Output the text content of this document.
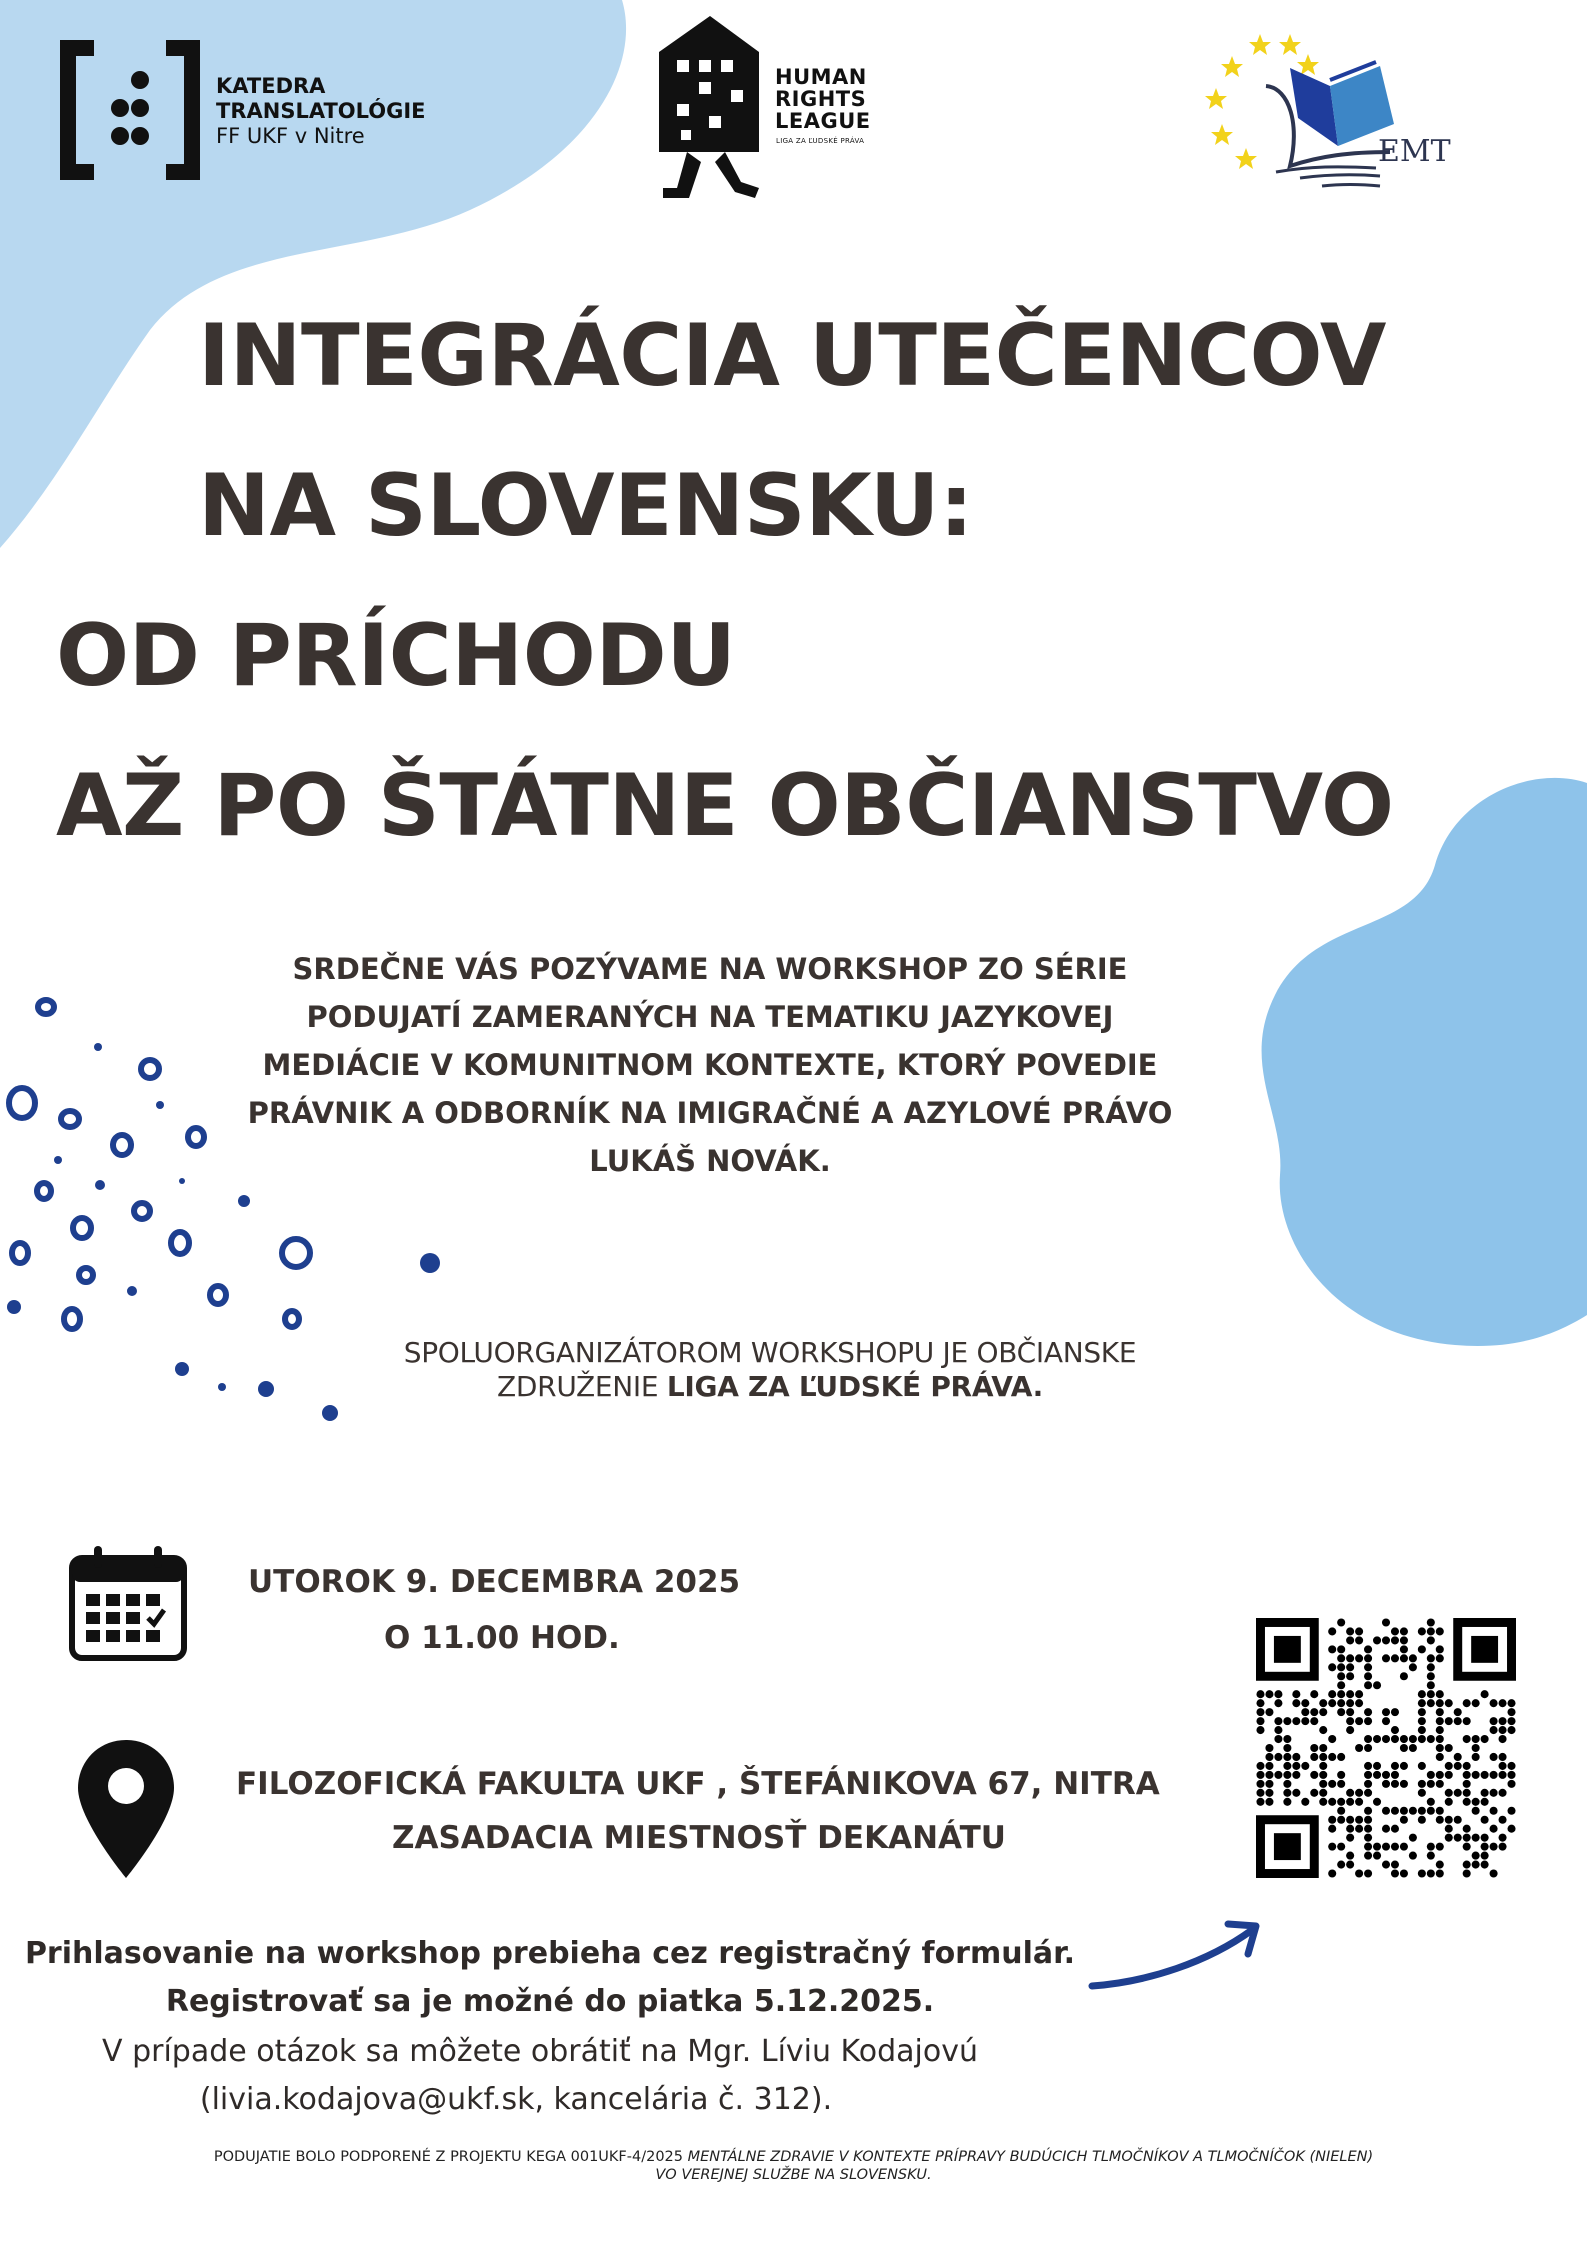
KATEDRA
TRANSLATOLÓGIE
FF UKF v Nitre
HUMAN
RIGHTS
LEAGUE
LIGA ZA ĽUDSKÉ PRÁVA	EMT
INTEGRÁCIA UTEČENCOV
NA SLOVENSKU:
OD PRÍCHODU
AŽ PO ŠTÁTNE OBČIANSTVO
SRDEČNE VÁS POZÝVAME NA WORKSHOP ZO SÉRIE
PODUJATÍ ZAMERANÝCH NA TEMATIKU JAZYKOVEJ
MEDIÁCIE V KOMUNITNOM KONTEXTE, KTORÝ POVEDIE
PRÁVNIK A ODBORNÍK NA IMIGRAČNÉ A AZYLOVÉ PRÁVO
LUKÁŠ NOVÁK.
SPOLUORGANIZÁTOROM WORKSHOPU JE OBČIANSKE
ZDRUŽENIE LIGA ZA ĽUDSKÉ PRÁVA.
UTOROK 9. DECEMBRA 2025
O 11.00 HOD.
FILOZOFICKÁ FAKULTA UKF , ŠTEFÁNIKOVA 67, NITRA
ZASADACIA MIESTNOSŤ DEKANÁTU
Prihlasovanie na workshop prebieha cez registračný formulár.
Registrovať sa je možné do piatka 5.12.2025.
V prípade otázok sa môžete obrátiť na Mgr. Líviu Kodajovú
(livia.kodajova@ukf.sk, kancelária č. 312).
PODUJATIE BOLO PODPORENÉ Z PROJEKTU KEGA 001UKF-4/2025 MENTÁLNE ZDRAVIE V KONTEXTE PRÍPRAVY BUDÚCICH TLMOČNÍKOV A TLMOČNÍČOK (NIELEN)
VO VEREJNEJ SLUŽBE NA SLOVENSKU.
